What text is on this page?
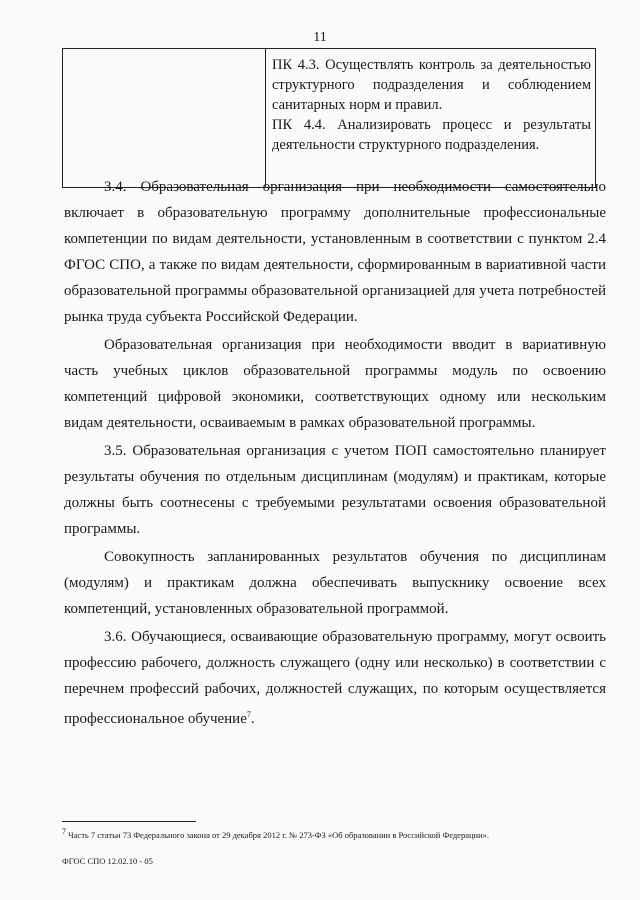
11

ПК 4.3. Осуществлять контроль за деятельностью структурного подразделения и соблюдением санитарных норм и правил.

ПК 4.4. Анализировать процесс и результаты деятельности структурного подразделения.

3.4. Образовательная организация при необходимости самостоятельно включает в образовательную программу дополнительные профессиональные компетенции по видам деятельности, установленным в соответствии с пунктом 2.4 ФГОС СПО, а также по видам деятельности, сформированным в вариативной части образовательной программы образовательной организацией для учета потребностей рынка труда субъекта Российской Федерации.

Образовательная организация при необходимости вводит в вариативную часть учебных циклов образовательной программы модуль по освоению компетенций цифровой экономики, соответствующих одному или нескольким видам деятельности, осваиваемым в рамках образовательной программы.

3.5. Образовательная организация с учетом ПОП самостоятельно планирует результаты обучения по отдельным дисциплинам (модулям) и практикам, которые должны быть соотнесены с требуемыми результатами освоения образовательной программы.

Совокупность запланированных результатов обучения по дисциплинам (модулям) и практикам должна обеспечивать выпускнику освоение всех компетенций, установленных образовательной программой.

3.6. Обучающиеся, осваивающие образовательную программу, могут освоить профессию рабочего, должность служащего (одну или несколько) в соответствии с перечнем профессий рабочих, должностей служащих, по которым осуществляется профессиональное обучение$^7$.

$^7$ Часть 7 статьи 73 Федерального закона от 29 декабря 2012 г. № 273-ФЗ «Об образовании в Российской Федерации».
ФГОС СПО 12.02.10 - 05
